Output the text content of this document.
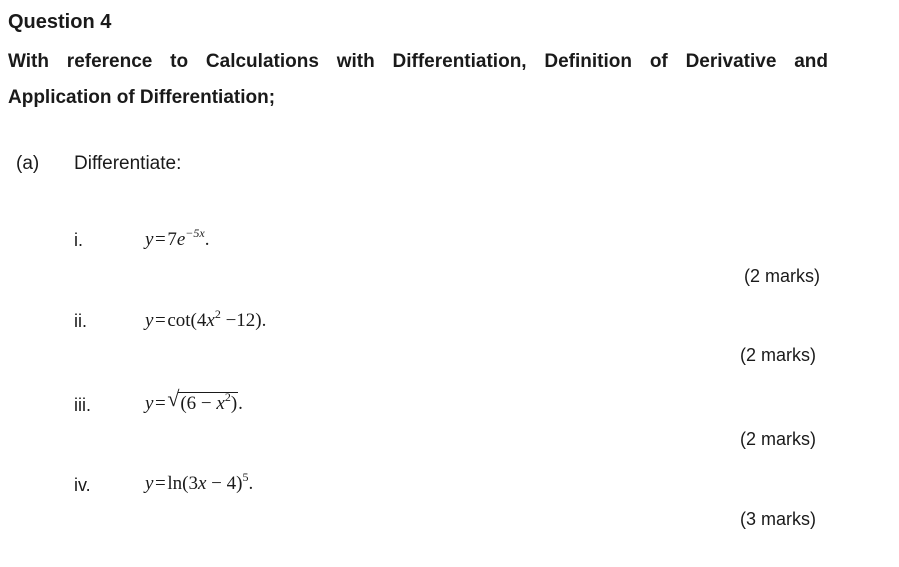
Question 4
With reference to Calculations with Differentiation, Definition of Derivative and
Application of Differentiation;
(a) Differentiate:
i.	y = $7e^{-5x}$.
(2 marks)
ii.	y = $\cot(4x^2 -12)$.
(2 marks)
iii.	y =  √ $(6 - x^2)$.
(2 marks)
iv.	y = $\ln(3x - 4)^5$.
(3 marks)
